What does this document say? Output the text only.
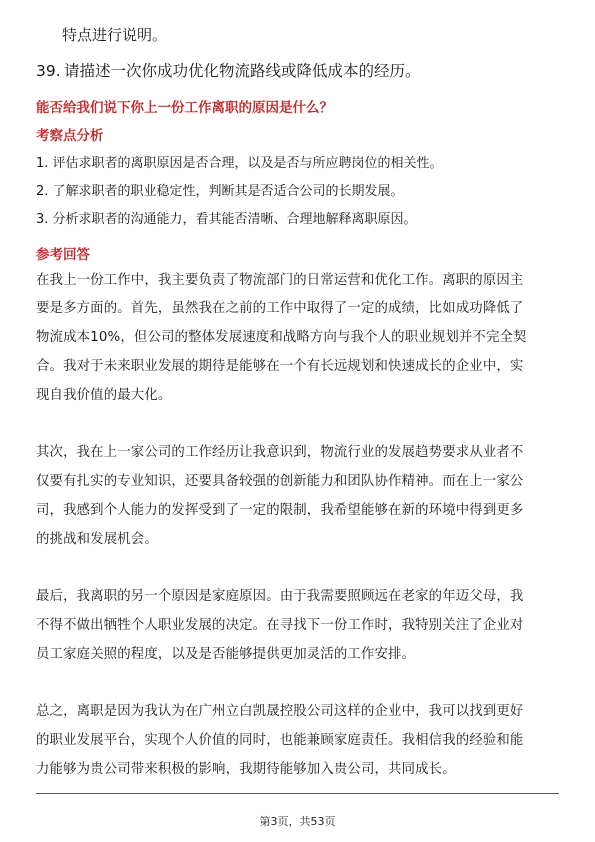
特点进行说明。
39. 请描述一次你成功优化物流路线或降低成本的经历。
能否给我们说下你上一份工作离职的原因是什么？
考察点分析
1. 评估求职者的离职原因是否合理，以及是否与所应聘岗位的相关性。
2. 了解求职者的职业稳定性，判断其是否适合公司的长期发展。
3. 分析求职者的沟通能力，看其能否清晰、合理地解释离职原因。
参考回答
在我上一份工作中，我主要负责了物流部门的日常运营和优化工作。离职的原因主
要是多方面的。首先，虽然我在之前的工作中取得了一定的成绩，比如成功降低了
物流成本10%，但公司的整体发展速度和战略方向与我个人的职业规划并不完全契
合。我对于未来职业发展的期待是能够在一个有长远规划和快速成长的企业中，实
现自我价值的最大化。
其次，我在上一家公司的工作经历让我意识到，物流行业的发展趋势要求从业者不
仅要有扎实的专业知识，还要具备较强的创新能力和团队协作精神。而在上一家公
司，我感到个人能力的发挥受到了一定的限制，我希望能够在新的环境中得到更多
的挑战和发展机会。
最后，我离职的另一个原因是家庭原因。由于我需要照顾远在老家的年迈父母，我
不得不做出牺牲个人职业发展的决定。在寻找下一份工作时，我特别关注了企业对
员工家庭关照的程度，以及是否能够提供更加灵活的工作安排。
总之，离职是因为我认为在广州立白凯晟控股公司这样的企业中，我可以找到更好
的职业发展平台，实现个人价值的同时，也能兼顾家庭责任。我相信我的经验和能
力能够为贵公司带来积极的影响，我期待能够加入贵公司，共同成长。
第3页，共53页
